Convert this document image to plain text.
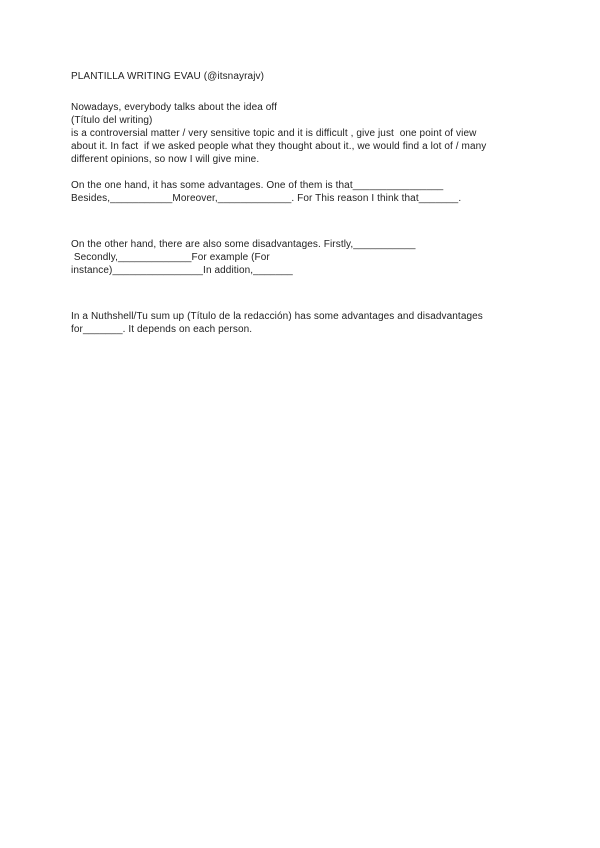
PLANTILLA WRITING EVAU (@itsnayrajv)
Nowadays, everybody talks about the idea off
(Título del writing)
is a controversial matter / very sensitive topic and it is difficult , give just  one point of view
about it. In fact  if we asked people what they thought about it., we would find a lot of / many
different opinions, so now I will give mine.
On the one hand, it has some advantages. One of them is that________________
Besides,___________Moreover,_____________. For This reason I think that_______.
On the other hand, there are also some disadvantages. Firstly,___________
Secondly,_____________For example (For
instance)________________In addition,_______
In a Nuthshell/Tu sum up (Título de la redacción) has some advantages and disadvantages
for_______. It depends on each person.
